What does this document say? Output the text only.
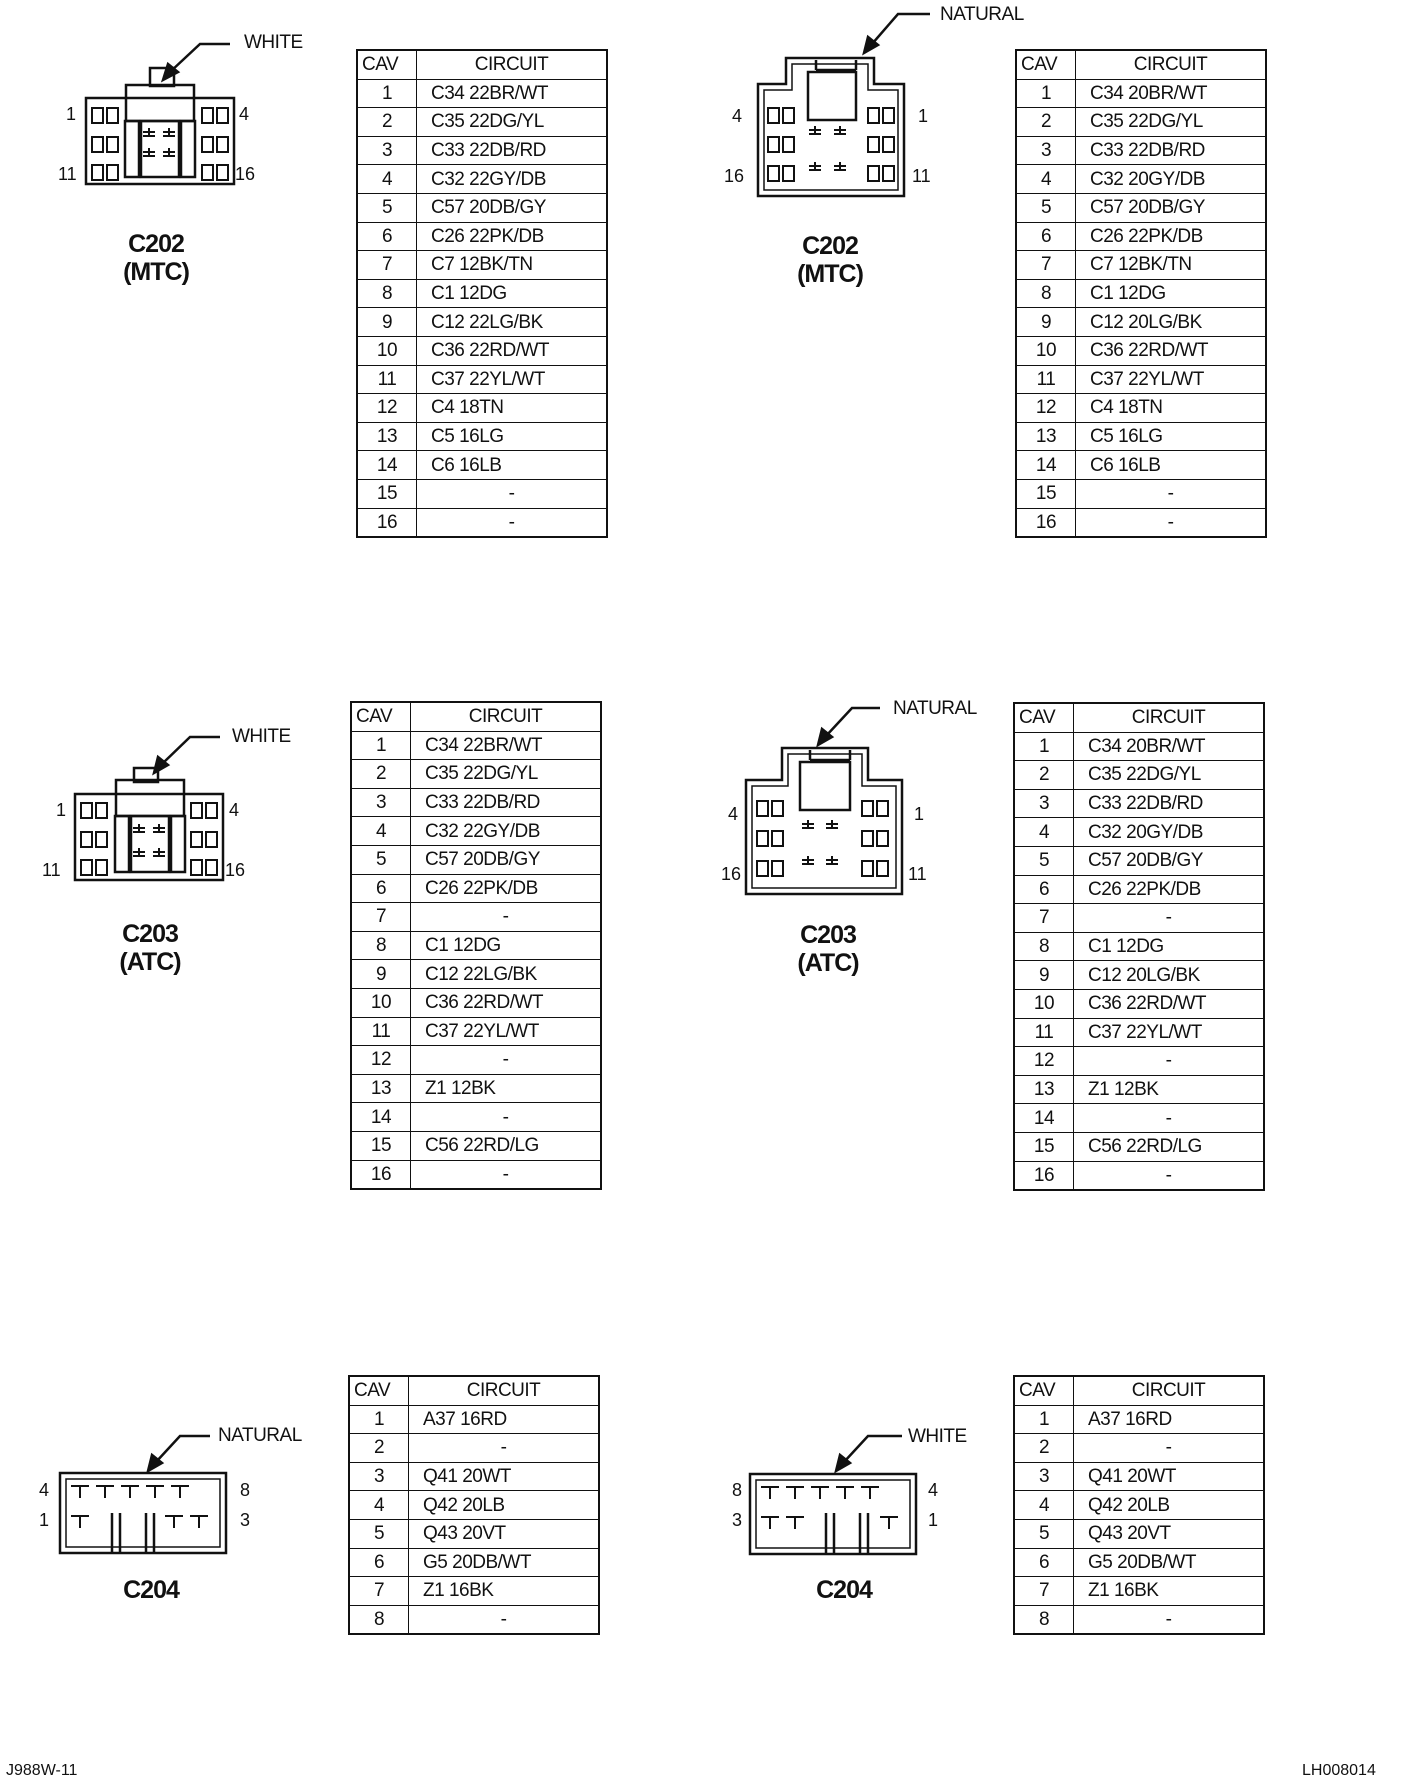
WHITE
1	4
11	16
C202
(MTC)
CAV	CIRCUIT
1	C34 22BR/WT
2	C35 22DG/YL
3	C33 22DB/RD
4	C32 22GY/DB
5	C57 20DB/GY
6	C26 22PK/DB
7	C7 12BK/TN
8	C1 12DG
9	C12 22LG/BK
10	C36 22RD/WT
11	C37 22YL/WT
12	C4 18TN
13	C5 16LG
14	C6 16LB
15	-
16	-
NATURAL
4	1
16	11
C202
(MTC)
CAV	CIRCUIT
1	C34 20BR/WT
2	C35 22DG/YL
3	C33 22DB/RD
4	C32 20GY/DB
5	C57 20DB/GY
6	C26 22PK/DB
7	C7 12BK/TN
8	C1 12DG
9	C12 20LG/BK
10	C36 22RD/WT
11	C37 22YL/WT
12	C4 18TN
13	C5 16LG
14	C6 16LB
15	-
16	-
WHITE
1	4
11	16
C203
(ATC)
CAV	CIRCUIT
1	C34 22BR/WT
2	C35 22DG/YL
3	C33 22DB/RD
4	C32 22GY/DB
5	C57 20DB/GY
6	C26 22PK/DB
7	-
8	C1 12DG
9	C12 22LG/BK
10	C36 22RD/WT
11	C37 22YL/WT
12	-
13	Z1 12BK
14	-
15	C56 22RD/LG
16	-
NATURAL
4	1
16	11
C203
(ATC)
CAV	CIRCUIT
1	C34 20BR/WT
2	C35 22DG/YL
3	C33 22DB/RD
4	C32 20GY/DB
5	C57 20DB/GY
6	C26 22PK/DB
7	-
8	C1 12DG
9	C12 20LG/BK
10	C36 22RD/WT
11	C37 22YL/WT
12	-
13	Z1 12BK
14	-
15	C56 22RD/LG
16	-
NATURAL
4	8
1	3
C204
CAV	CIRCUIT
1	A37 16RD
2	-
3	Q41 20WT
4	Q42 20LB
5	Q43 20VT
6	G5 20DB/WT
7	Z1 16BK
8	-
WHITE
8	4
3	1
C204
CAV	CIRCUIT
1	A37 16RD
2	-
3	Q41 20WT
4	Q42 20LB
5	Q43 20VT
6	G5 20DB/WT
7	Z1 16BK
8	-
J988W-11	LH008014
